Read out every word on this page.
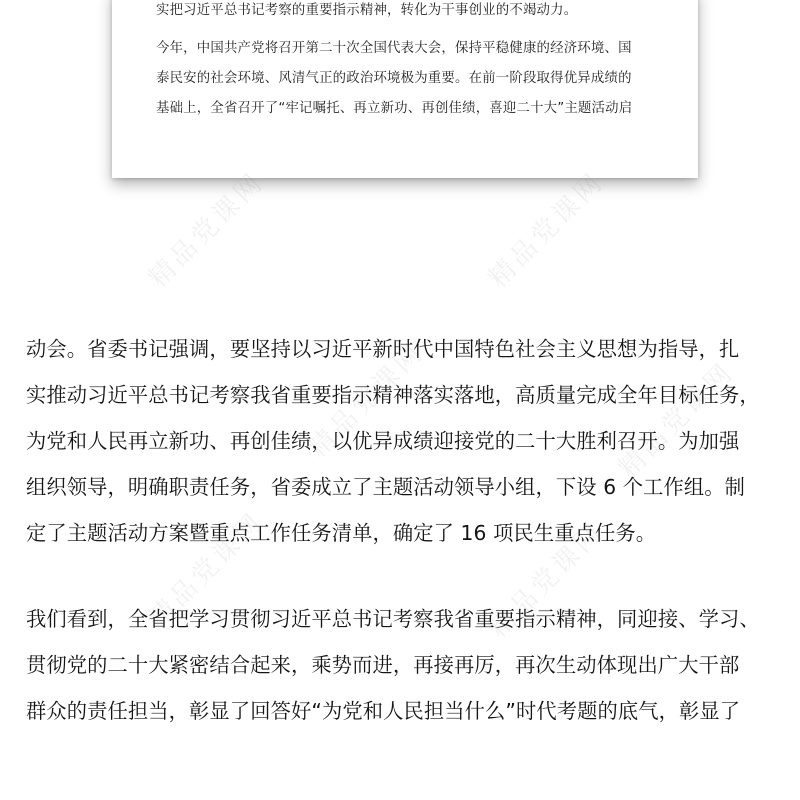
实把习近平总书记考察的重要指示精神，转化为干事创业的不竭动力。

今年，中国共产党将召开第二十次全国代表大会，保持平稳健康的经济环境、国
泰民安的社会环境、风清气正的政治环境极为重要。在前一阶段取得优异成绩的
基础上，全省召开了“牢记嘱托、再立新功、再创佳绩，喜迎二十大”主题活动启

动会。省委书记强调，要坚持以习近平新时代中国特色社会主义思想为指导，扎
实推动习近平总书记考察我省重要指示精神落实落地，高质量完成全年目标任务，
为党和人民再立新功、再创佳绩，以优异成绩迎接党的二十大胜利召开。为加强
组织领导，明确职责任务，省委成立了主题活动领导小组，下设 6 个工作组。制
定了主题活动方案暨重点工作任务清单，确定了 16 项民生重点任务。
我们看到，全省把学习贯彻习近平总书记考察我省重要指示精神，同迎接、学习、
贯彻党的二十大紧密结合起来，乘势而进，再接再厉，再次生动体现出广大干部
群众的责任担当，彰显了回答好“为党和人民担当什么”时代考题的底气，彰显了
精品党课网	精品党课网
精品党课网	精品党课网
精品党课网	精品党课网
